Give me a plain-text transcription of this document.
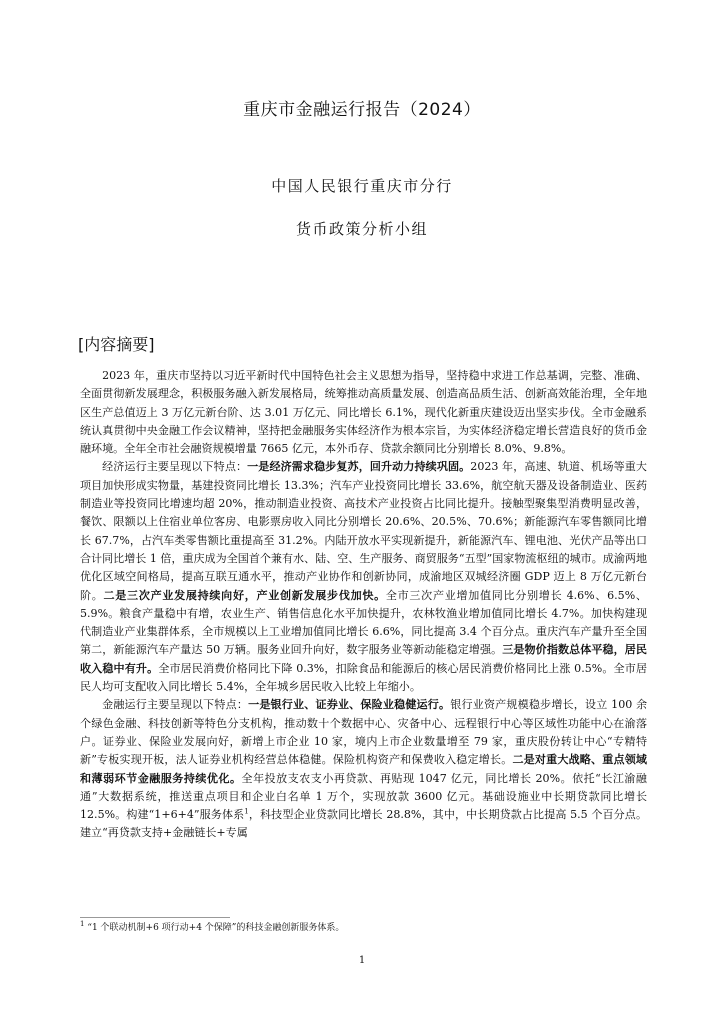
重庆市金融运行报告（2024）
中国人民银行重庆市分行
货币政策分析小组
[内容摘要]

2023 年，重庆市坚持以习近平新时代中国特色社会主义思想为指导，坚持稳中求进工作总基调，完整、准确、全面贯彻新发展理念，积极服务融入新发展格局，统筹推动高质量发展、创造高品质生活、创新高效能治理，全年地区生产总值迈上 3 万亿元新台阶、达 3.01 万亿元、同比增长 6.1%，现代化新重庆建设迈出坚实步伐。全市金融系统认真贯彻中央金融工作会议精神，坚持把金融服务实体经济作为根本宗旨，为实体经济稳定增长营造良好的货币金融环境。全年全市社会融资规模增量 7665 亿元，本外币存、贷款余额同比分别增长 8.0%、9.8%。

经济运行主要呈现以下特点：一是经济需求稳步复苏，回升动力持续巩固。2023 年，高速、轨道、机场等重大项目加快形成实物量，基建投资同比增长 13.3%；汽车产业投资同比增长 33.6%，航空航天器及设备制造业、医药制造业等投资同比增速均超 20%，推动制造业投资、高技术产业投资占比同比提升。接触型聚集型消费明显改善，餐饮、限额以上住宿业单位客房、电影票房收入同比分别增长 20.6%、20.5%、70.6%；新能源汽车零售额同比增长 67.7%，占汽车类零售额比重提高至 31.2%。内陆开放水平实现新提升，新能源汽车、锂电池、光伏产品等出口合计同比增长 1 倍，重庆成为全国首个兼有水、陆、空、生产服务、商贸服务“五型”国家物流枢纽的城市。成渝两地优化区域空间格局，提高互联互通水平，推动产业协作和创新协同，成渝地区双城经济圈 GDP 迈上 8 万亿元新台阶。二是三次产业发展持续向好，产业创新发展步伐加快。全市三次产业增加值同比分别增长 4.6%、6.5%、5.9%。粮食产量稳中有增，农业生产、销售信息化水平加快提升，农林牧渔业增加值同比增长 4.7%。加快构建现代制造业产业集群体系，全市规模以上工业增加值同比增长 6.6%，同比提高 3.4 个百分点。重庆汽车产量升至全国第二，新能源汽车产量达 50 万辆。服务业回升向好，数字服务业等新动能稳定增强。三是物价指数总体平稳，居民收入稳中有升。全市居民消费价格同比下降 0.3%，扣除食品和能源后的核心居民消费价格同比上涨 0.5%。全市居民人均可支配收入同比增长 5.4%，全年城乡居民收入比较上年缩小。

金融运行主要呈现以下特点：一是银行业、证券业、保险业稳健运行。银行业资产规模稳步增长，设立 100 余个绿色金融、科技创新等特色分支机构，推动数十个数据中心、灾备中心、远程银行中心等区域性功能中心在渝落户。证券业、保险业发展向好，新增上市企业 10 家，境内上市企业数量增至 79 家，重庆股份转让中心“专精特新”专板实现开板，法人证券业机构经营总体稳健。保险机构资产和保费收入稳定增长。二是对重大战略、重点领域和薄弱环节金融服务持续优化。全年投放支农支小再贷款、再贴现 1047 亿元，同比增长 20%。依托“长江渝融通”大数据系统，推送重点项目和企业白名单 1 万个，实现放款 3600 亿元。基础设施业中长期贷款同比增长 12.5%。构建“1+6+4”服务体系$^1$，科技型企业贷款同比增长 28.8%，其中，中长期贷款占比提高 5.5 个百分点。建立“再贷款支持+金融链长+专属

$^1$ “1 个联动机制+6 项行动+4 个保障”的科技金融创新服务体系。
1
